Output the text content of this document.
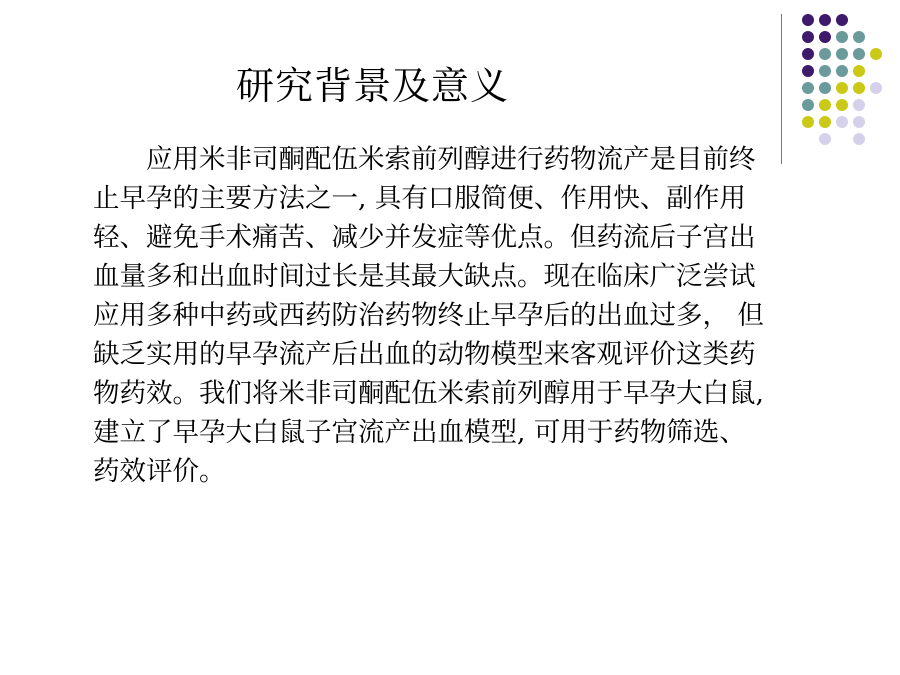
研究背景及意义

应用米非司酮配伍米索前列醇进行药物流产是目前终止早孕的主要方法之一, 具有口服简便、作用快、副作用轻、避免手术痛苦、减少并发症等优点。但药流后子宫出血量多和出血时间过长是其最大缺点。现在临床广泛尝试应用多种中药或西药防治药物终止早孕后的出血过多， 但缺乏实用的早孕流产后出血的动物模型来客观评价这类药物药效。我们将米非司酮配伍米索前列醇用于早孕大白鼠, 建立了早孕大白鼠子宫流产出血模型, 可用于药物筛选、药效评价。
